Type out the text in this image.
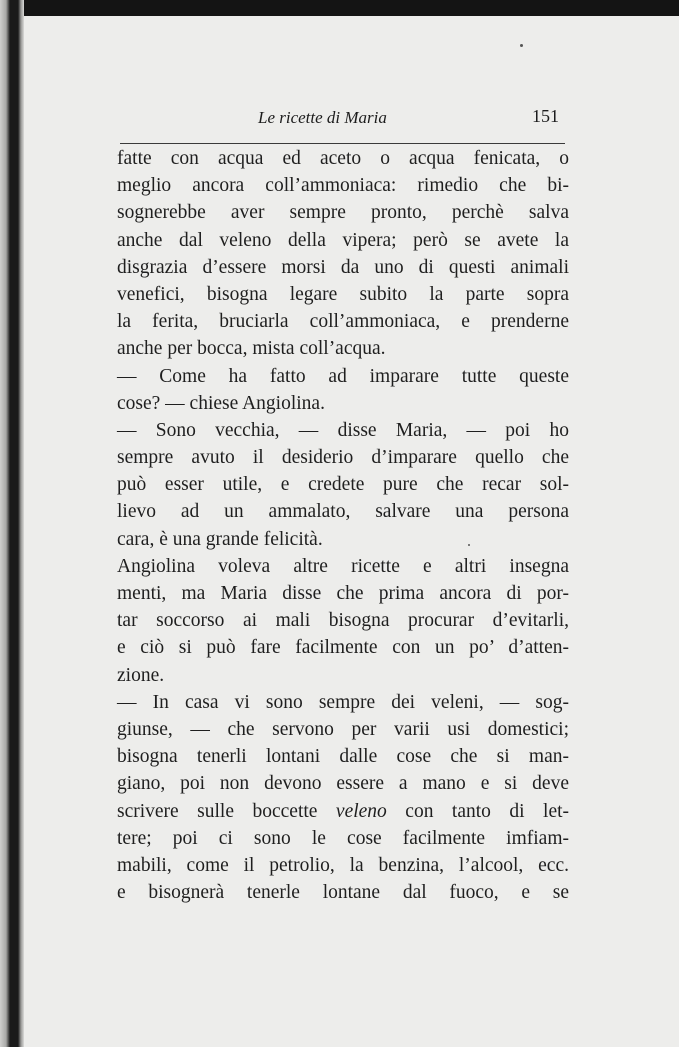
Le ricette di Maria	151
fatte con acqua ed aceto o acqua fenicata, o
meglio ancora coll’ammoniaca: rimedio che bi-
sognerebbe aver sempre pronto, perchè salva
anche dal veleno della vipera; però se avete la
disgrazia d’essere morsi da uno di questi animali
venefici, bisogna legare subito la parte sopra
la ferita, bruciarla coll’ammoniaca, e prenderne
anche per bocca, mista coll’acqua.
— Come ha fatto ad imparare tutte queste
cose? — chiese Angiolina.
— Sono vecchia, — disse Maria, — poi ho
sempre avuto il desiderio d’imparare quello che
può esser utile, e credete pure che recar sol-
lievo ad un ammalato, salvare una persona
cara, è una grande felicità.
Angiolina voleva altre ricette e altri insegna
menti, ma Maria disse che prima ancora di por-
tar soccorso ai mali bisogna procurar d’evitarli,
e ciò si può fare facilmente con un po’ d’atten-
zione.
— In casa vi sono sempre dei veleni, — sog-
giunse, — che servono per varii usi domestici;
bisogna tenerli lontani dalle cose che si man-
giano, poi non devono essere a mano e si deve
scrivere sulle boccette veleno con tanto di let-
tere; poi ci sono le cose facilmente imfiam-
mabili, come il petrolio, la benzina, l’alcool, ecc.
e bisognerà tenerle lontane dal fuoco, e se
